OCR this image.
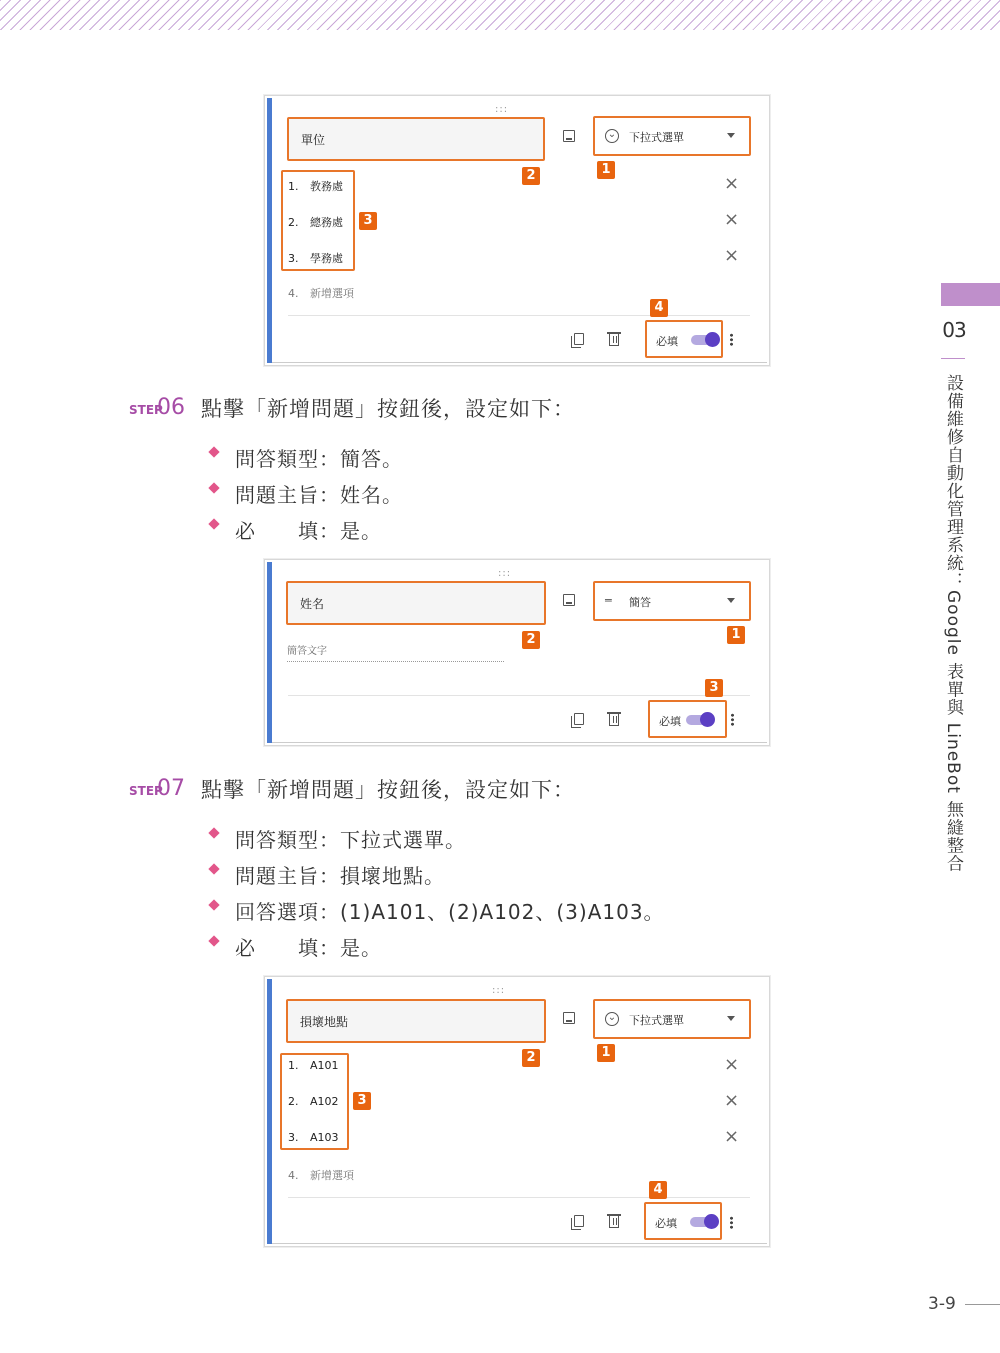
03
設備維修自動化管理系統：Google 表單與 LineBot 無縫整合
:::
單位	⌄ 下拉式選單
2	1
3
1. 教務處
2. 總務處
3. 學務處
4. 新增選項
×
×
×
4
必填
STEP
06 點擊「新增問題」按鈕後，設定如下：
問答類型：簡答。
問題主旨：姓名。
必　　填：是。
:::
姓名	═ 簡答
2	1
簡答文字
3
必填
STEP
07 點擊「新增問題」按鈕後，設定如下：
問答類型：下拉式選單。
問題主旨：損壞地點。
回答選項：(1)A101、(2)A102、(3)A103。
必　　填：是。
:::
損壞地點	⌄ 下拉式選單
2	1
3
1. A101
2. A102
3. A103
4. 新增選項
×
×
×
4
必填
3-9
